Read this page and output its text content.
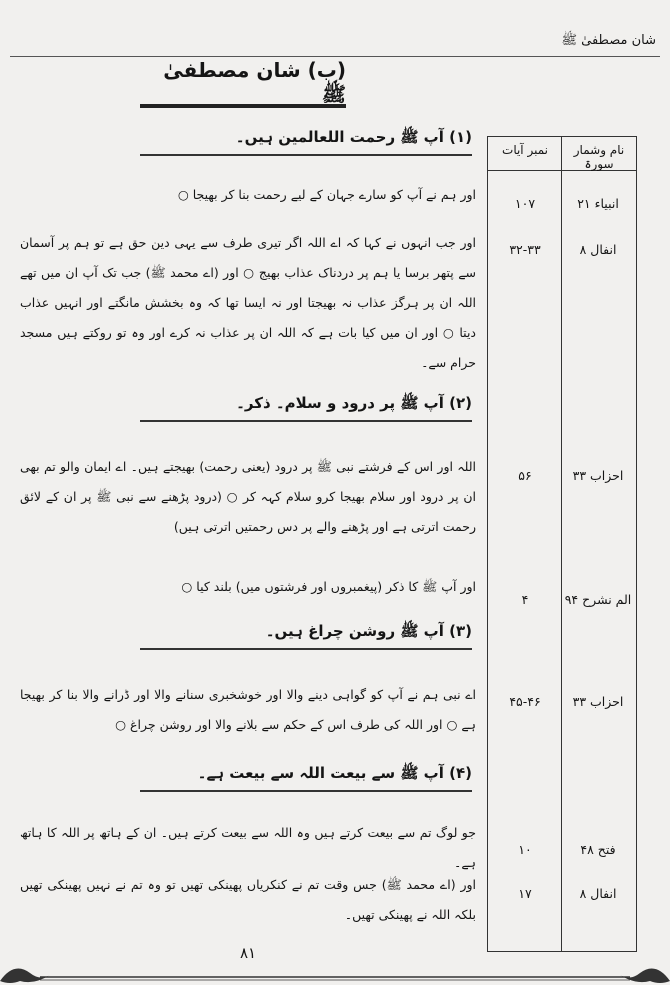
شان مصطفیٰ ﷺ
(ب) شان مصطفیٰ ﷺ
نام وشمار سورۃ
نمبر آیات
(۱) آپ ﷺ رحمت اللعالمین ہیں۔
اور ہم نے آپ کو سارے جہان کے لیے رحمت بنا کر بھیجا ○
انبیاء ۲۱
۱۰۷
اور جب انہوں نے کہا کہ اے اللہ اگر تیری طرف سے یہی دین حق ہے تو ہم پر آسمان سے پتھر برسا یا ہم پر دردناک عذاب بھیج ○ اور (اے محمد ﷺ) جب تک آپ ان میں تھے اللہ ان پر ہرگز عذاب نہ بھیجتا اور نہ ایسا تھا کہ وہ بخشش مانگتے اور انہیں عذاب دیتا ○ اور ان میں کیا بات ہے کہ اللہ ان پر عذاب نہ کرے اور وہ تو روکتے ہیں مسجد حرام سے۔
انفال ۸
۳۲-۳۳
(۲) آپ ﷺ پر درود و سلام۔ ذکر۔
اللہ اور اس کے فرشتے نبی ﷺ پر درود (یعنی رحمت) بھیجتے ہیں۔ اے ایمان والو تم بھی ان پر درود اور سلام بھیجا کرو سلام کہہ کر ○ (درود پڑھنے سے نبی ﷺ پر ان کے لائق رحمت اترتی ہے اور پڑھنے والے پر دس رحمتیں اترتی ہیں)
احزاب ۳۳
۵۶
اور آپ ﷺ کا ذکر (پیغمبروں اور فرشتوں میں) بلند کیا ○
الم نشرح ۹۴
۴
(۳) آپ ﷺ روشن چراغ ہیں۔
اے نبی ہم نے آپ کو گواہی دینے والا اور خوشخبری سنانے والا اور ڈرانے والا بنا کر بھیجا ہے ○ اور اللہ کی طرف اس کے حکم سے بلانے والا اور روشن چراغ ○
احزاب ۳۳
۴۵-۴۶
(۴) آپ ﷺ سے بیعت اللہ سے بیعت ہے۔
جو لوگ تم سے بیعت کرتے ہیں وہ اللہ سے بیعت کرتے ہیں۔ ان کے ہاتھ پر اللہ کا ہاتھ ہے۔
فتح ۴۸
۱۰
اور (اے محمد ﷺ) جس وقت تم نے کنکریاں پھینکی تھیں تو وہ تم نے نہیں پھینکی تھیں بلکہ اللہ نے پھینکی تھیں۔
انفال ۸
۱۷
۸۱
